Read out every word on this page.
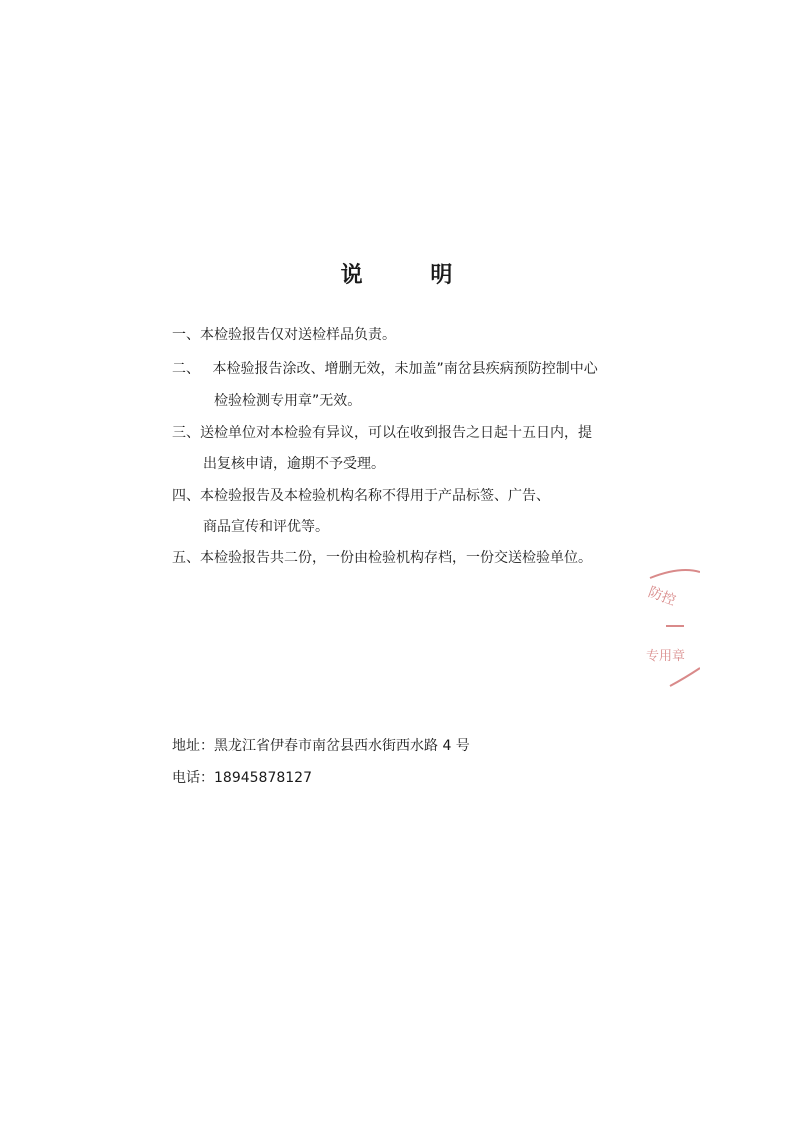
说 明

一、本检验报告仅对送检样品负责。

二、 本检验报告涂改、增删无效，未加盖”南岔县疾病预防控制中心

检验检测专用章”无效。

三、送检单位对本检验有异议，可以在收到报告之日起十五日内，提

出复核申请，逾期不予受理。

四、本检验报告及本检验机构名称不得用于产品标签、广告、

商品宣传和评优等。

五、本检验报告共二份，一份由检验机构存档，一份交送检验单位。

防控
专用章

地址：黑龙江省伊春市南岔县西水街西水路 4 号

电话：18945878127
